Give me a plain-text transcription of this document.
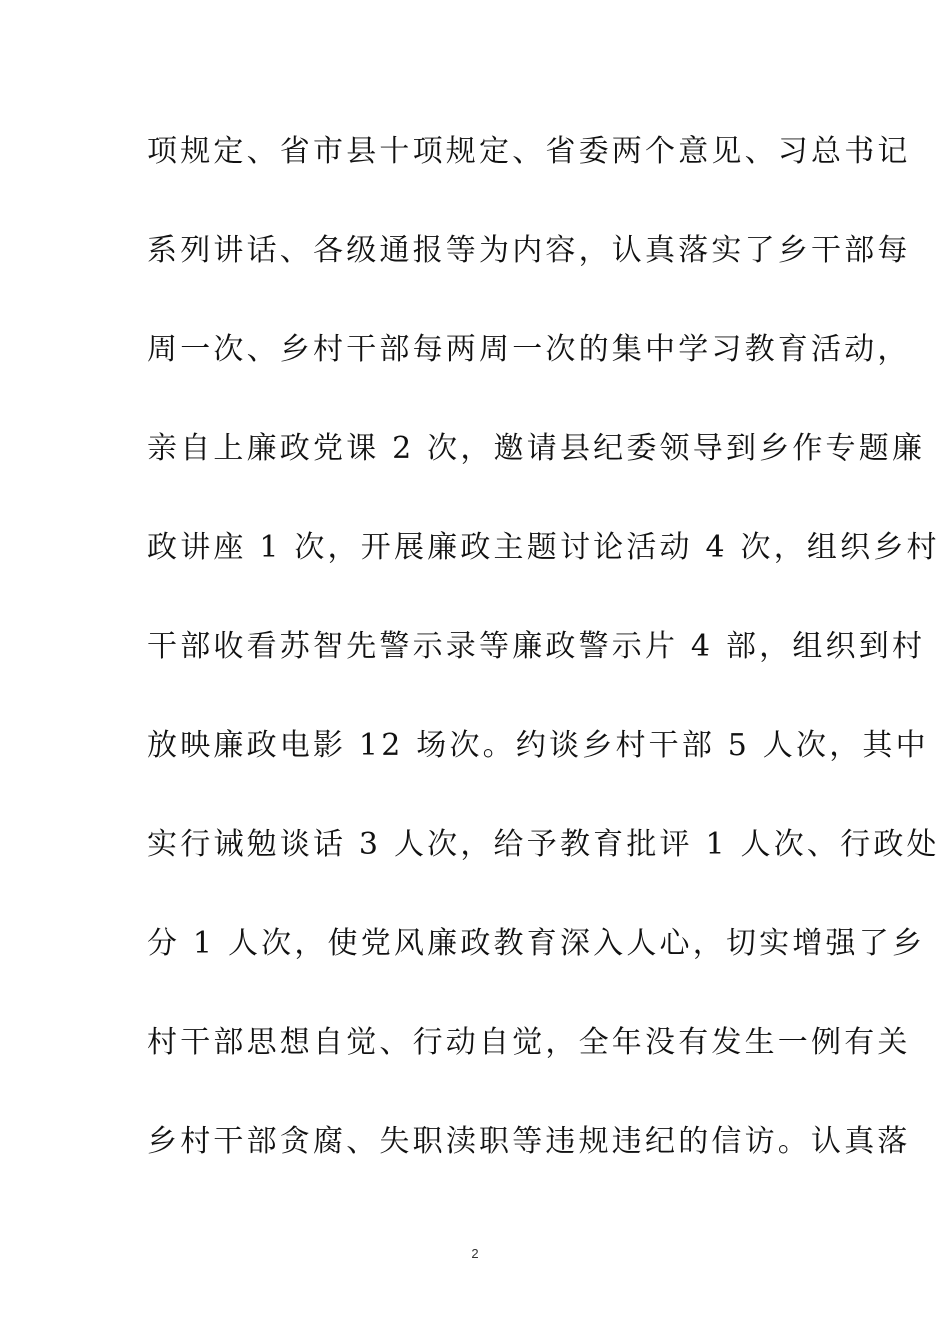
项规定、省市县十项规定、省委两个意见、习总书记
系列讲话、各级通报等为内容，认真落实了乡干部每
周一次、乡村干部每两周一次的集中学习教育活动，
亲自上廉政党课 2 次，邀请县纪委领导到乡作专题廉
政讲座 1 次，开展廉政主题讨论活动 4 次，组织乡村
干部收看苏智先警示录等廉政警示片 4 部，组织到村
放映廉政电影 12 场次。约谈乡村干部 5 人次，其中
实行诫勉谈话 3 人次，给予教育批评 1 人次、行政处
分 1 人次，使党风廉政教育深入人心，切实增强了乡
村干部思想自觉、行动自觉，全年没有发生一例有关
乡村干部贪腐、失职渎职等违规违纪的信访。认真落
2
